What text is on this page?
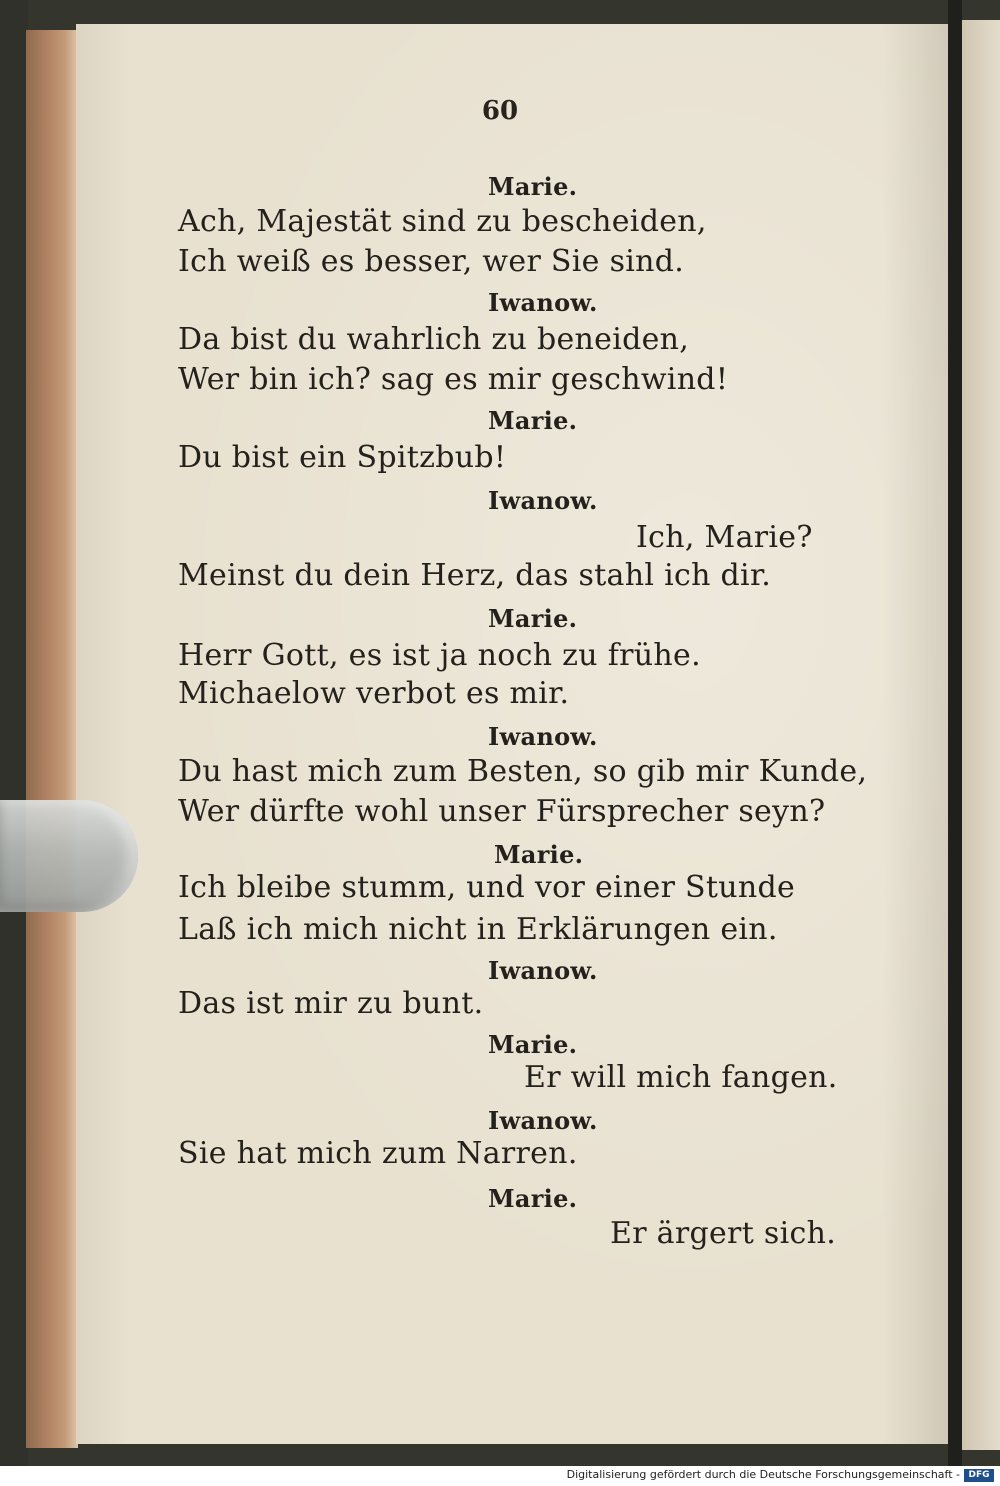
60
Marie.
Ach, Majestät sind zu bescheiden,
Ich weiß es besser, wer Sie sind.
Iwanow.
Da bist du wahrlich zu beneiden,
Wer bin ich? sag es mir geschwind!
Marie.
Du bist ein Spitzbub!
Iwanow.
Ich, Marie?
Meinst du dein Herz, das stahl ich dir.
Marie.
Herr Gott, es ist ja noch zu frühe.
Michaelow verbot es mir.
Iwanow.
Du hast mich zum Besten, so gib mir Kunde,
Wer dürfte wohl unser Fürsprecher seyn?
Marie.
Ich bleibe stumm, und vor einer Stunde
Laß ich mich nicht in Erklärungen ein.
Iwanow.
Das ist mir zu bunt.
Marie.
Er will mich fangen.
Iwanow.
Sie hat mich zum Narren.
Marie.
Er ärgert sich.
Digitalisierung gefördert durch die Deutsche Forschungsgemeinschaft - DFG
